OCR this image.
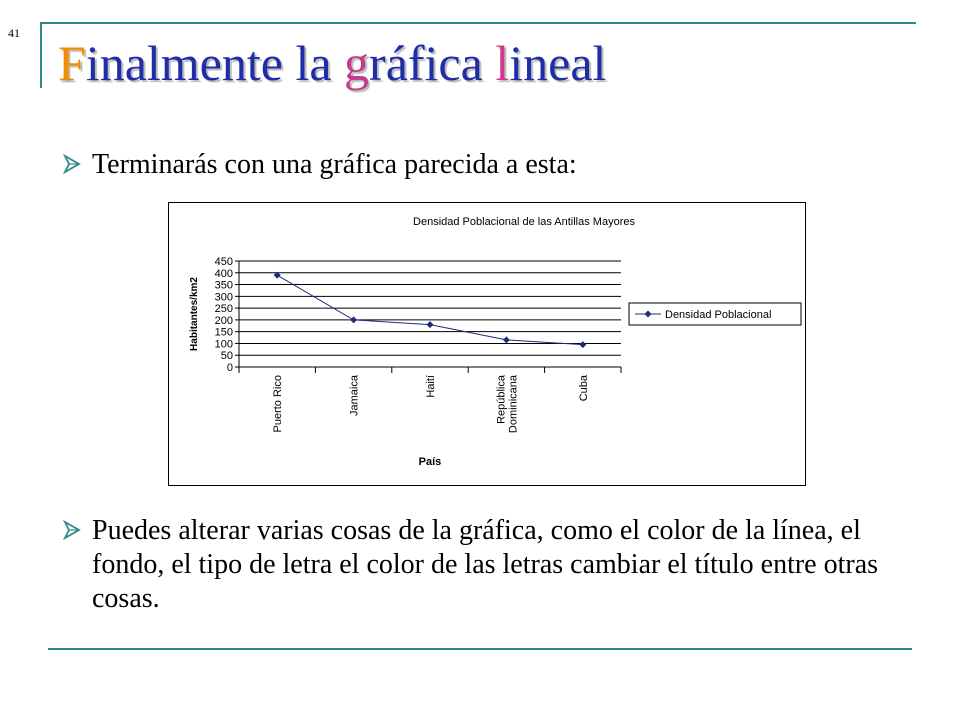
41
Finalmente la gráfica lineal
Terminarás con una gráfica parecida a esta:
Densidad Poblacional de las Antillas Mayores
0
50
100
150
200
250
300
350
400
450
Habitantes/km2
Puerto Rico	Jamaica	Haití	República Dominicana	Cuba
País
Densidad Poblacional
Puedes alterar varias cosas de la gráfica, como el color de la línea, el fondo, el tipo de letra el color de las letras cambiar el título entre otras cosas.
